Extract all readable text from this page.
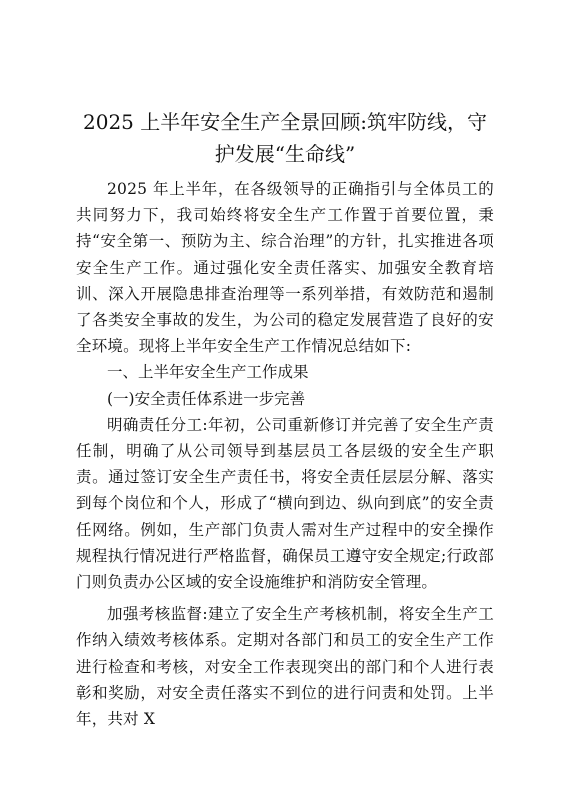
2025 上半年安全生产全景回顾:筑牢防线，守护发展“生命线”

2025 年上半年，在各级领导的正确指引与全体员工的共同努力下，我司始终将安全生产工作置于首要位置，秉持“安全第一、预防为主、综合治理”的方针，扎实推进各项安全生产工作。通过强化安全责任落实、加强安全教育培训、深入开展隐患排查治理等一系列举措，有效防范和遏制了各类安全事故的发生，为公司的稳定发展营造了良好的安全环境。现将上半年安全生产工作情况总结如下:

一、上半年安全生产工作成果

(一)安全责任体系进一步完善

明确责任分工:年初，公司重新修订并完善了安全生产责任制，明确了从公司领导到基层员工各层级的安全生产职责。通过签订安全生产责任书，将安全责任层层分解、落实到每个岗位和个人，形成了“横向到边、纵向到底”的安全责任网络。例如，生产部门负责人需对生产过程中的安全操作规程执行情况进行严格监督，确保员工遵守安全规定;行政部门则负责办公区域的安全设施维护和消防安全管理。

加强考核监督:建立了安全生产考核机制，将安全生产工作纳入绩效考核体系。定期对各部门和员工的安全生产工作进行检查和考核，对安全工作表现突出的部门和个人进行表彰和奖励，对安全责任落实不到位的进行问责和处罚。上半年，共对 X
